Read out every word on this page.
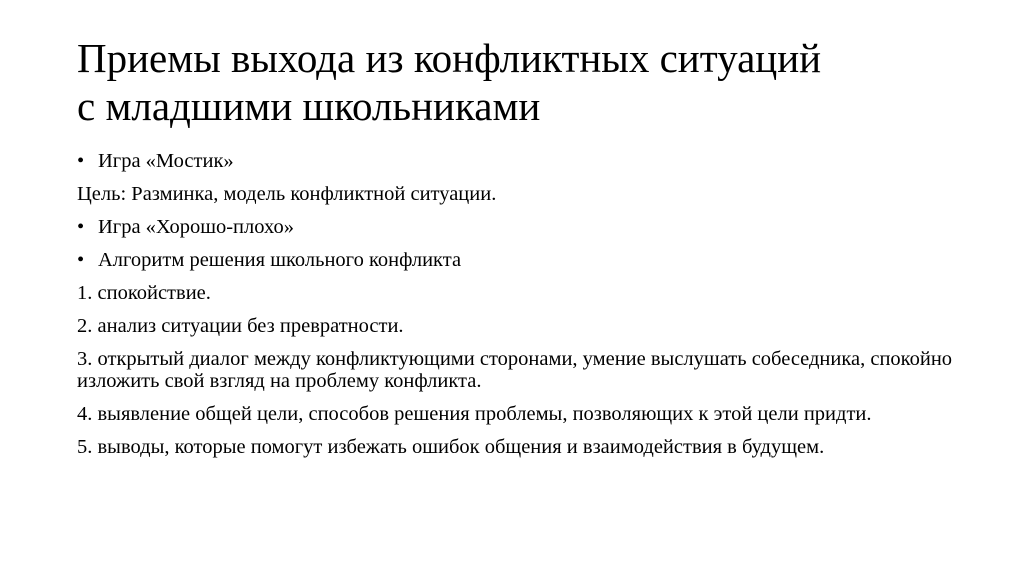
Приемы выхода из конфликтных ситуаций
с младшими школьниками

• Игра «Мостик»

Цель: Разминка, модель конфликтной ситуации.

• Игра «Хорошо-плохо»

• Алгоритм решения школьного конфликта

1. спокойствие.

2. анализ ситуации без превратности.

3. открытый диалог между конфликтующими сторонами, умение выслушать собеседника, спокойно изложить свой взгляд на проблему конфликта.

4. выявление общей цели, способов решения проблемы, позволяющих к этой цели придти.

5. выводы, которые помогут избежать ошибок общения и взаимодействия в будущем.
